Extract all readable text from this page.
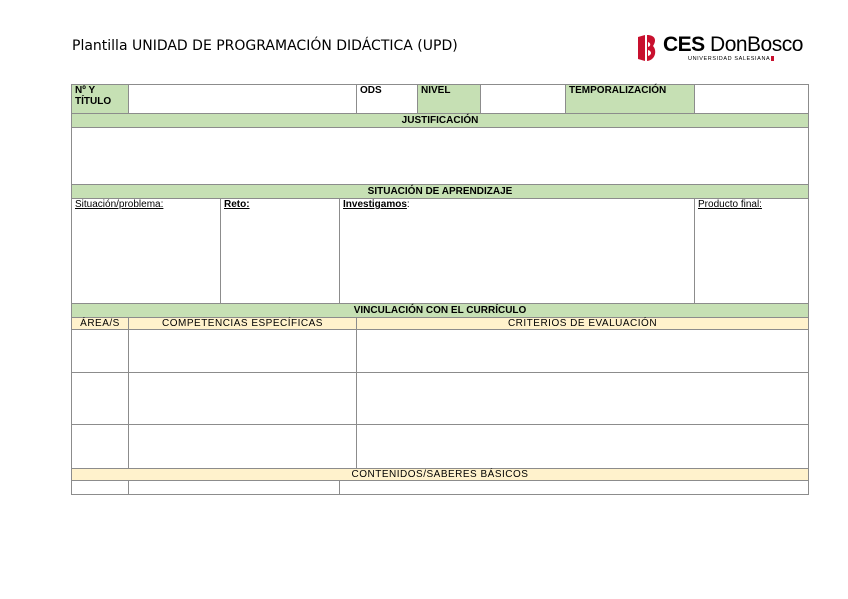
Plantilla UNIDAD DE PROGRAMACIÓN DIDÁCTICA (UPD)	CES DonBosco
UNIVERSIDAD SALESIANA
Nº Y TÍTULO				ODS	NIVEL		TEMPORALIZACIÓN	
JUSTIFICACIÓN								

SITUACIÓN DE APRENDIZAJE								
Situación/problema:		Reto:	Investigamos:					Producto final:
VINCULACIÓN CON EL CURRÍCULO								
ÁREA/S	COMPETENCIAS ESPECÍFICAS			CRITERIOS DE EVALUACIÓN				

CONTENIDOS/SABERES BÁSICOS								
